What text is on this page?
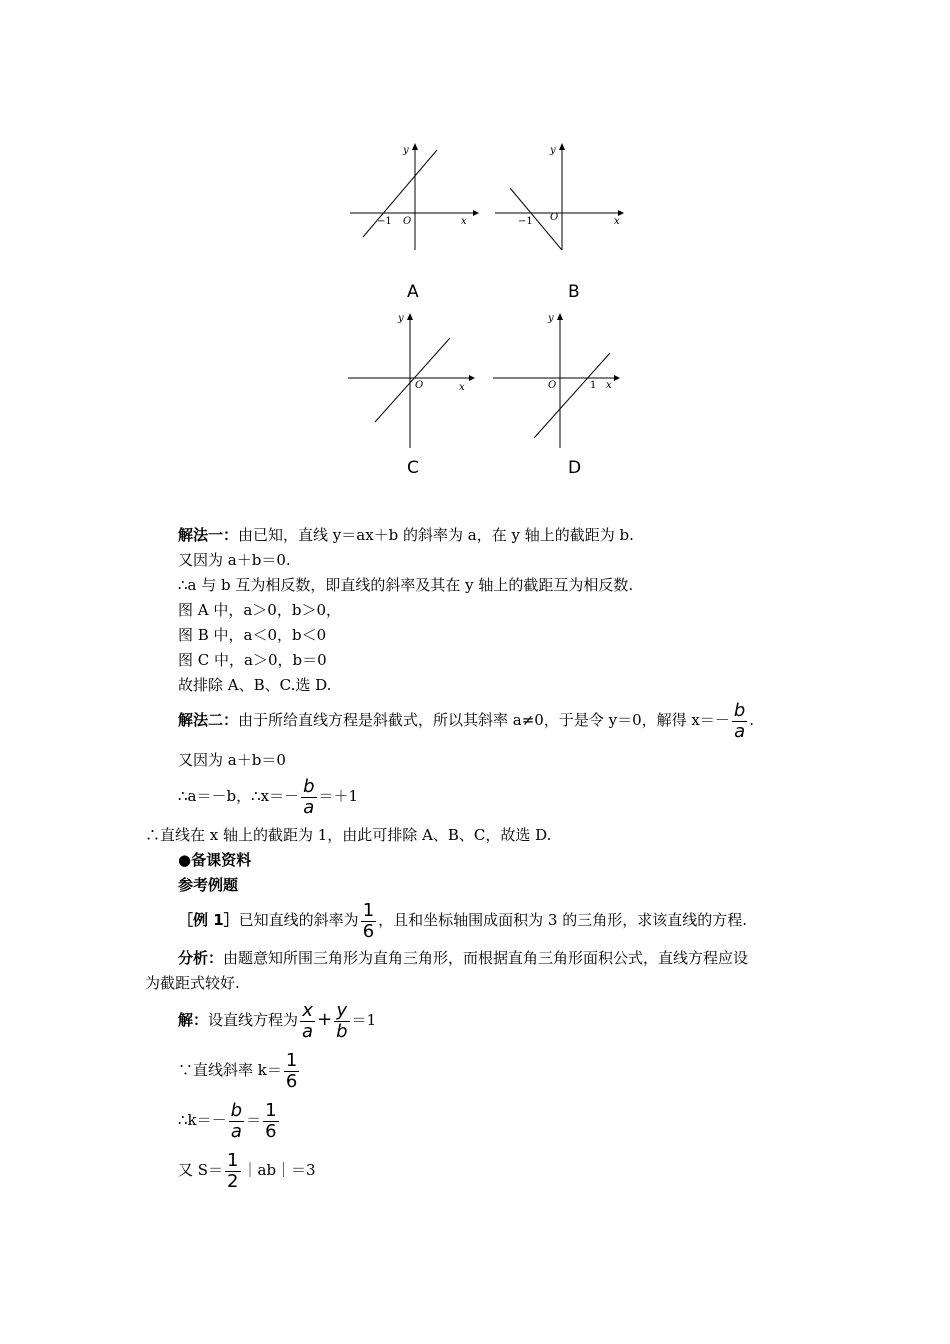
y
x
O
−1
A
y
x
O
−1
B
y
x
O
C
y
x
O	1
D
解法一：由已知，直线 y＝ax＋b 的斜率为 a，在 y 轴上的截距为 b.
又因为 a＋b＝0.
∴a 与 b 互为相反数，即直线的斜率及其在 y 轴上的截距互为相反数.
图 A 中，a＞0，b＞0，
图 B 中，a＜0，b＜0
图 C 中，a＞0，b＝0
故排除 A、B、C.选 D.
解法二：由于所给直线方程是斜截式，所以其斜率 a≠0，于是令 y＝0，解得 $x=- \frac{b}{a}$ .
又因为 a＋b＝0
∴a＝－b，∴x＝－ $\frac{b}{a} =+1$
∴直线在 x 轴上的截距为 1，由此可排除 A、B、C，故选 D.
●备课资料
参考例题
［例 1］已知直线的斜率为 $\frac{1}{6}$ ，且和坐标轴围成面积为 3 的三角形，求该直线的方程.
分析：由题意知所围三角形为直角三角形，而根据直角三角形面积公式，直线方程应设
为截距式较好.
解：设直线方程为 $\frac{x}{a} + \frac{y}{b} =1$
∵直线斜率 $k= \frac{1}{6}$
∴k＝－ $\frac{b}{a} = \frac{1}{6}$
又 $S= \frac{1}{2}$ ｜ab｜＝3
